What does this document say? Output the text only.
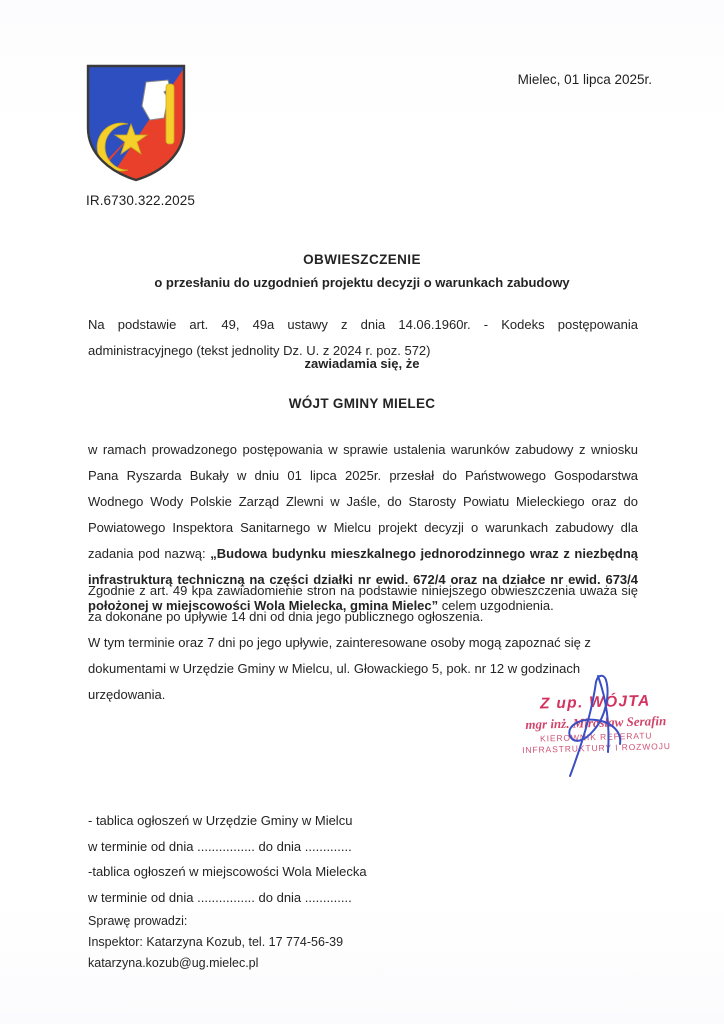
IR.6730.322.2025
Mielec, 01 lipca 2025r.
OBWIESZCZENIE
o przesłaniu do uzgodnień projektu decyzji o warunkach zabudowy
Na podstawie art. 49, 49a ustawy z dnia 14.06.1960r. - Kodeks postępowania administracyjnego (tekst jednolity Dz. U. z 2024 r. poz. 572)
zawiadamia się, że
WÓJT GMINY MIELEC
w ramach prowadzonego postępowania w sprawie ustalenia warunków zabudowy z wniosku Pana Ryszarda Bukały w dniu 01 lipca 2025r. przesłał do Państwowego Gospodarstwa Wodnego Wody Polskie Zarząd Zlewni w Jaśle, do Starosty Powiatu Mieleckiego oraz do Powiatowego Inspektora Sanitarnego w Mielcu projekt decyzji o warunkach zabudowy dla zadania pod nazwą: „Budowa budynku mieszkalnego jednorodzinnego wraz z niezbędną infrastrukturą techniczną na części działki nr ewid. 672/4 oraz na działce nr ewid. 673/4 położonej w miejscowości Wola Mielecka, gmina Mielec” celem uzgodnienia.
Zgodnie z art. 49 kpa zawiadomienie stron na podstawie niniejszego obwieszczenia uważa się za dokonane po upływie 14 dni od dnia jego publicznego ogłoszenia.
W tym terminie oraz 7 dni po jego upływie, zainteresowane osoby mogą zapoznać się z dokumentami w Urzędzie Gminy w Mielcu, ul. Głowackiego 5, pok. nr 12 w godzinach urzędowania.	Z up. WÓJTA
mgr inż. Mirosław Serafin
KIEROWNIK REFERATU
INFRASTRUKTURY I ROZWOJU
- tablica ogłoszeń w Urzędzie Gminy w Mielcu
w terminie od dnia ................ do dnia .............
-tablica ogłoszeń w miejscowości Wola Mielecka
w terminie od dnia ................ do dnia .............
Sprawę prowadzi:
Inspektor: Katarzyna Kozub, tel. 17 774-56-39
katarzyna.kozub@ug.mielec.pl
